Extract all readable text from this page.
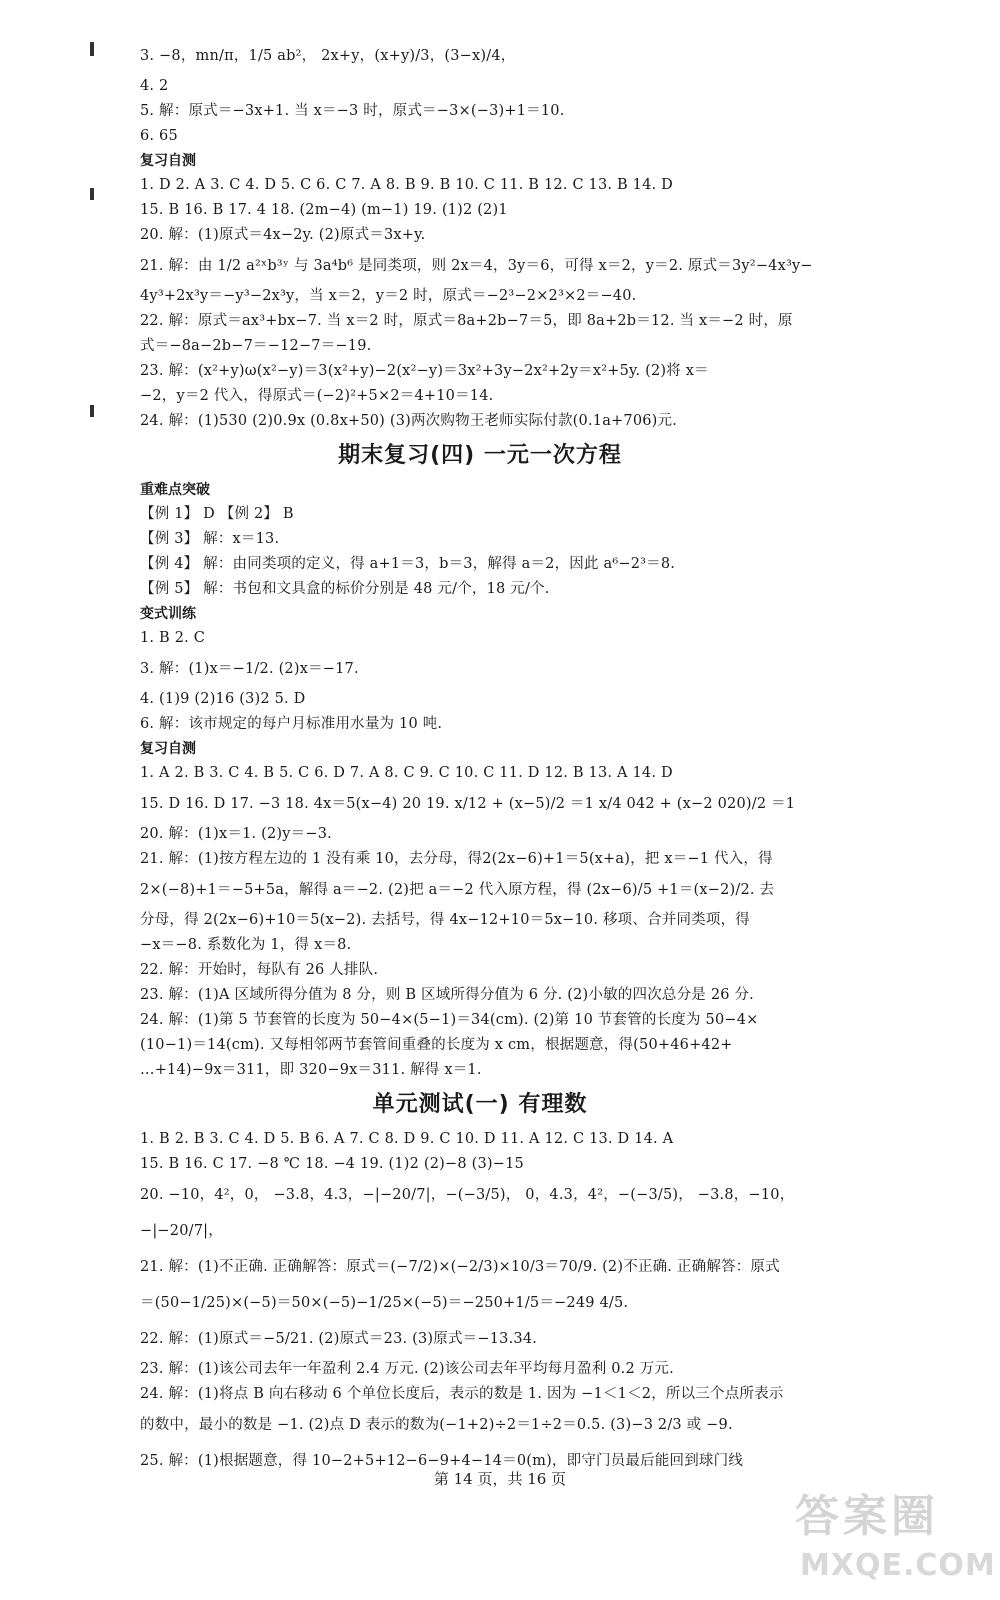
3. −8，mn/π，1/5 ab²， 2x+y，(x+y)/3，(3−x)/4，
4. 2
5. 解：原式＝−3x+1. 当 x＝−3 时，原式＝−3×(−3)+1＝10.
6. 65
复习自测
1. D 2. A 3. C 4. D 5. C 6. C 7. A 8. B 9. B 10. C 11. B 12. C 13. B 14. D
15. B 16. B 17. 4 18. (2m−4) (m−1) 19. (1)2 (2)1
20. 解：(1)原式＝4x−2y. (2)原式＝3x+y.
21. 解：由 1/2 a²ˣb³ʸ 与 3a⁴b⁶ 是同类项，则 2x＝4，3y＝6，可得 x＝2，y＝2. 原式＝3y²−4x³y−
4y³+2x³y＝−y³−2x³y，当 x＝2，y＝2 时，原式＝−2³−2×2³×2＝−40.
22. 解：原式＝ax³+bx−7. 当 x＝2 时，原式＝8a+2b−7＝5，即 8a+2b＝12. 当 x＝−2 时，原
式＝−8a−2b−7＝−12−7＝−19.
23. 解：(x²+y)ω(x²−y)＝3(x²+y)−2(x²−y)＝3x²+3y−2x²+2y＝x²+5y. (2)将 x＝
−2，y＝2 代入，得原式＝(−2)²+5×2＝4+10＝14.
24. 解：(1)530 (2)0.9x (0.8x+50) (3)两次购物王老师实际付款(0.1a+706)元.
期末复习(四) 一元一次方程
重难点突破
【例 1】 D 【例 2】 B
【例 3】 解：x＝13.
【例 4】 解：由同类项的定义，得 a+1＝3，b＝3，解得 a＝2，因此 a⁶−2³＝8.
【例 5】 解：书包和文具盒的标价分别是 48 元/个，18 元/个.
变式训练
1. B 2. C
3. 解：(1)x＝−1/2. (2)x＝−17.
4. (1)9 (2)16 (3)2 5. D
6. 解：该市规定的每户月标准用水量为 10 吨.
复习自测
1. A 2. B 3. C 4. B 5. C 6. D 7. A 8. C 9. C 10. C 11. D 12. B 13. A 14. D
15. D 16. D 17. −3 18. 4x＝5(x−4) 20 19. x/12 + (x−5)/2 ＝1 x/4 042 + (x−2 020)/2 ＝1
20. 解：(1)x＝1. (2)y＝−3.
21. 解：(1)按方程左边的 1 没有乘 10，去分母，得2(2x−6)+1＝5(x+a)，把 x＝−1 代入，得
2×(−8)+1＝−5+5a，解得 a＝−2. (2)把 a＝−2 代入原方程，得 (2x−6)/5 +1＝(x−2)/2. 去
分母，得 2(2x−6)+10＝5(x−2). 去括号，得 4x−12+10＝5x−10. 移项、合并同类项，得
−x＝−8. 系数化为 1，得 x＝8.
22. 解：开始时，每队有 26 人排队.
23. 解：(1)A 区域所得分值为 8 分，则 B 区域所得分值为 6 分. (2)小敏的四次总分是 26 分.
24. 解：(1)第 5 节套管的长度为 50−4×(5−1)＝34(cm). (2)第 10 节套管的长度为 50−4×
(10−1)＝14(cm). 又每相邻两节套管间重叠的长度为 x cm，根据题意，得(50+46+42+
…+14)−9x＝311，即 320−9x＝311. 解得 x＝1.
单元测试(一) 有理数
1. B 2. B 3. C 4. D 5. B 6. A 7. C 8. D 9. C 10. D 11. A 12. C 13. D 14. A
15. B 16. C 17. −8 ℃ 18. −4 19. (1)2 (2)−8 (3)−15
20. −10，4²，0， −3.8，4.3，−|−20/7|，−(−3/5)， 0，4.3，4²，−(−3/5)， −3.8，−10，
−|−20/7|，
21. 解：(1)不正确. 正确解答：原式＝(−7/2)×(−2/3)×10/3＝70/9. (2)不正确. 正确解答：原式
＝(50−1/25)×(−5)＝50×(−5)−1/25×(−5)＝−250+1/5＝−249 4/5.
22. 解：(1)原式＝−5/21. (2)原式＝23. (3)原式＝−13.34.
23. 解：(1)该公司去年一年盈利 2.4 万元. (2)该公司去年平均每月盈利 0.2 万元.
24. 解：(1)将点 B 向右移动 6 个单位长度后，表示的数是 1. 因为 −1＜1＜2，所以三个点所表示
的数中，最小的数是 −1. (2)点 D 表示的数为(−1+2)÷2＝1÷2＝0.5. (3)−3 2/3 或 −9.
25. 解：(1)根据题意，得 10−2+5+12−6−9+4−14＝0(m)，即守门员最后能回到球门线
第 14 页，共 16 页
答案圈
MXQE.COM
